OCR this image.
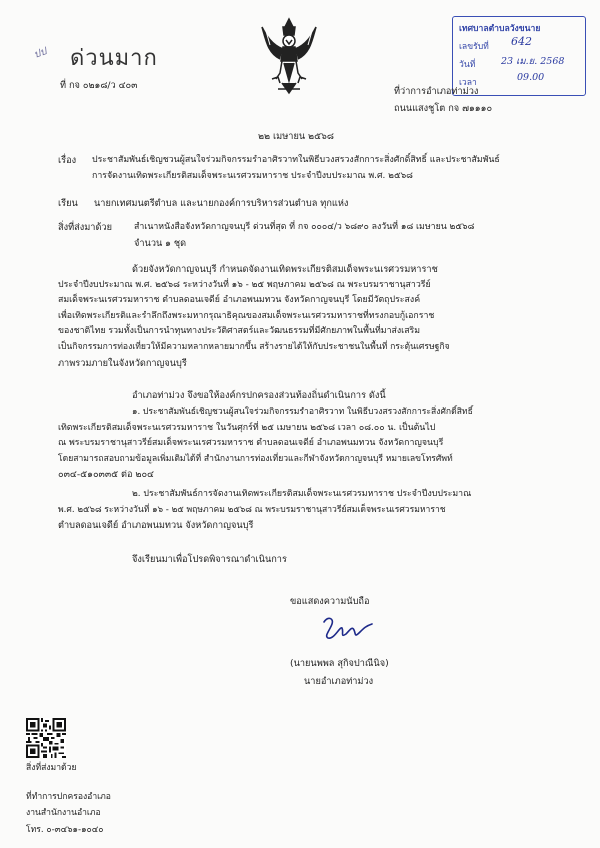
ปป ด่วนมาก
ที่ กจ ๐๒๑๘/ว ๔๐๓
เทศบาลตำบลวังขนาย
เลขรับที่ 642
วันที่	23 เม.ย. 2568
เวลา	09.00
ที่ว่าการอำเภอท่าม่วง
ถนนแสงชูโต กจ ๗๑๑๑๐
๒๒ เมษายน ๒๕๖๘
เรื่อง ประชาสัมพันธ์เชิญชวนผู้สนใจร่วมกิจกรรมรำอาศิรวาทในพิธีบวงสรวงสักการะสิ่งศักดิ์สิทธิ์ และประชาสัมพันธ์
การจัดงานเทิดพระเกียรติสมเด็จพระนเรศวรมหาราช ประจำปีงบประมาณ พ.ศ. ๒๕๖๘
เรียน นายกเทศมนตรีตำบล และนายกองค์การบริหารส่วนตำบล ทุกแห่ง
สิ่งที่ส่งมาด้วย	สำเนาหนังสือจังหวัดกาญจนบุรี ด่วนที่สุด ที่ กจ ๐๐๐๔/ว ๖๘๙๐ ลงวันที่ ๑๘ เมษายน ๒๕๖๘
จำนวน ๑ ชุด
ด้วยจังหวัดกาญจนบุรี กำหนดจัดงานเทิดพระเกียรติสมเด็จพระนเรศวรมหาราช
ประจำปีงบประมาณ พ.ศ. ๒๕๖๘ ระหว่างวันที่ ๑๖ - ๒๕ พฤษภาคม ๒๕๖๘ ณ พระบรมราชานุสาวรีย์
สมเด็จพระนเรศวรมหาราช ตำบลดอนเจดีย์ อำเภอพนมทวน จังหวัดกาญจนบุรี โดยมีวัตถุประสงค์
เพื่อเทิดพระเกียรติและรำลึกถึงพระมหากรุณาธิคุณของสมเด็จพระนเรศวรมหาราชที่ทรงกอบกู้เอกราช
ของชาติไทย รวมทั้งเป็นการนำทุนทางประวัติศาสตร์และวัฒนธรรมที่มีศักยภาพในพื้นที่มาส่งเสริม
เป็นกิจกรรมการท่องเที่ยวให้มีความหลากหลายมากขึ้น สร้างรายได้ให้กับประชาชนในพื้นที่ กระตุ้นเศรษฐกิจ
ภาพรวมภายในจังหวัดกาญจนบุรี
อำเภอท่าม่วง จึงขอให้องค์กรปกครองส่วนท้องถิ่นดำเนินการ ดังนี้
๑. ประชาสัมพันธ์เชิญชวนผู้สนใจร่วมกิจกรรมรำอาศิรวาท ในพิธีบวงสรวงสักการะสิ่งศักดิ์สิทธิ์
เทิดพระเกียรติสมเด็จพระนเรศวรมหาราช ในวันศุกร์ที่ ๒๕ เมษายน ๒๕๖๘ เวลา ๐๘.๐๐ น. เป็นต้นไป
ณ พระบรมราชานุสาวรีย์สมเด็จพระนเรศวรมหาราช ตำบลดอนเจดีย์ อำเภอพนมทวน จังหวัดกาญจนบุรี
โดยสามารถสอบถามข้อมูลเพิ่มเติมได้ที่ สำนักงานการท่องเที่ยวและกีฬาจังหวัดกาญจนบุรี หมายเลขโทรศัพท์
๐๓๔-๕๑๐๓๓๕ ต่อ ๒๐๔
๒. ประชาสัมพันธ์การจัดงานเทิดพระเกียรติสมเด็จพระนเรศวรมหาราช ประจำปีงบประมาณ
พ.ศ. ๒๕๖๘ ระหว่างวันที่ ๑๖ - ๒๕ พฤษภาคม ๒๕๖๘ ณ พระบรมราชานุสาวรีย์สมเด็จพระนเรศวรมหาราช
ตำบลดอนเจดีย์ อำเภอพนมทวน จังหวัดกาญจนบุรี
จึงเรียนมาเพื่อโปรดพิจารณาดำเนินการ
ขอแสดงความนับถือ
(นายนพพล สุกิจปาณีนิจ)
นายอำเภอท่าม่วง
สิ่งที่ส่งมาด้วย
ที่ทำการปกครองอำเภอ
งานสำนักงานอำเภอ
โทร. ๐-๓๔๖๑-๑๐๔๐
